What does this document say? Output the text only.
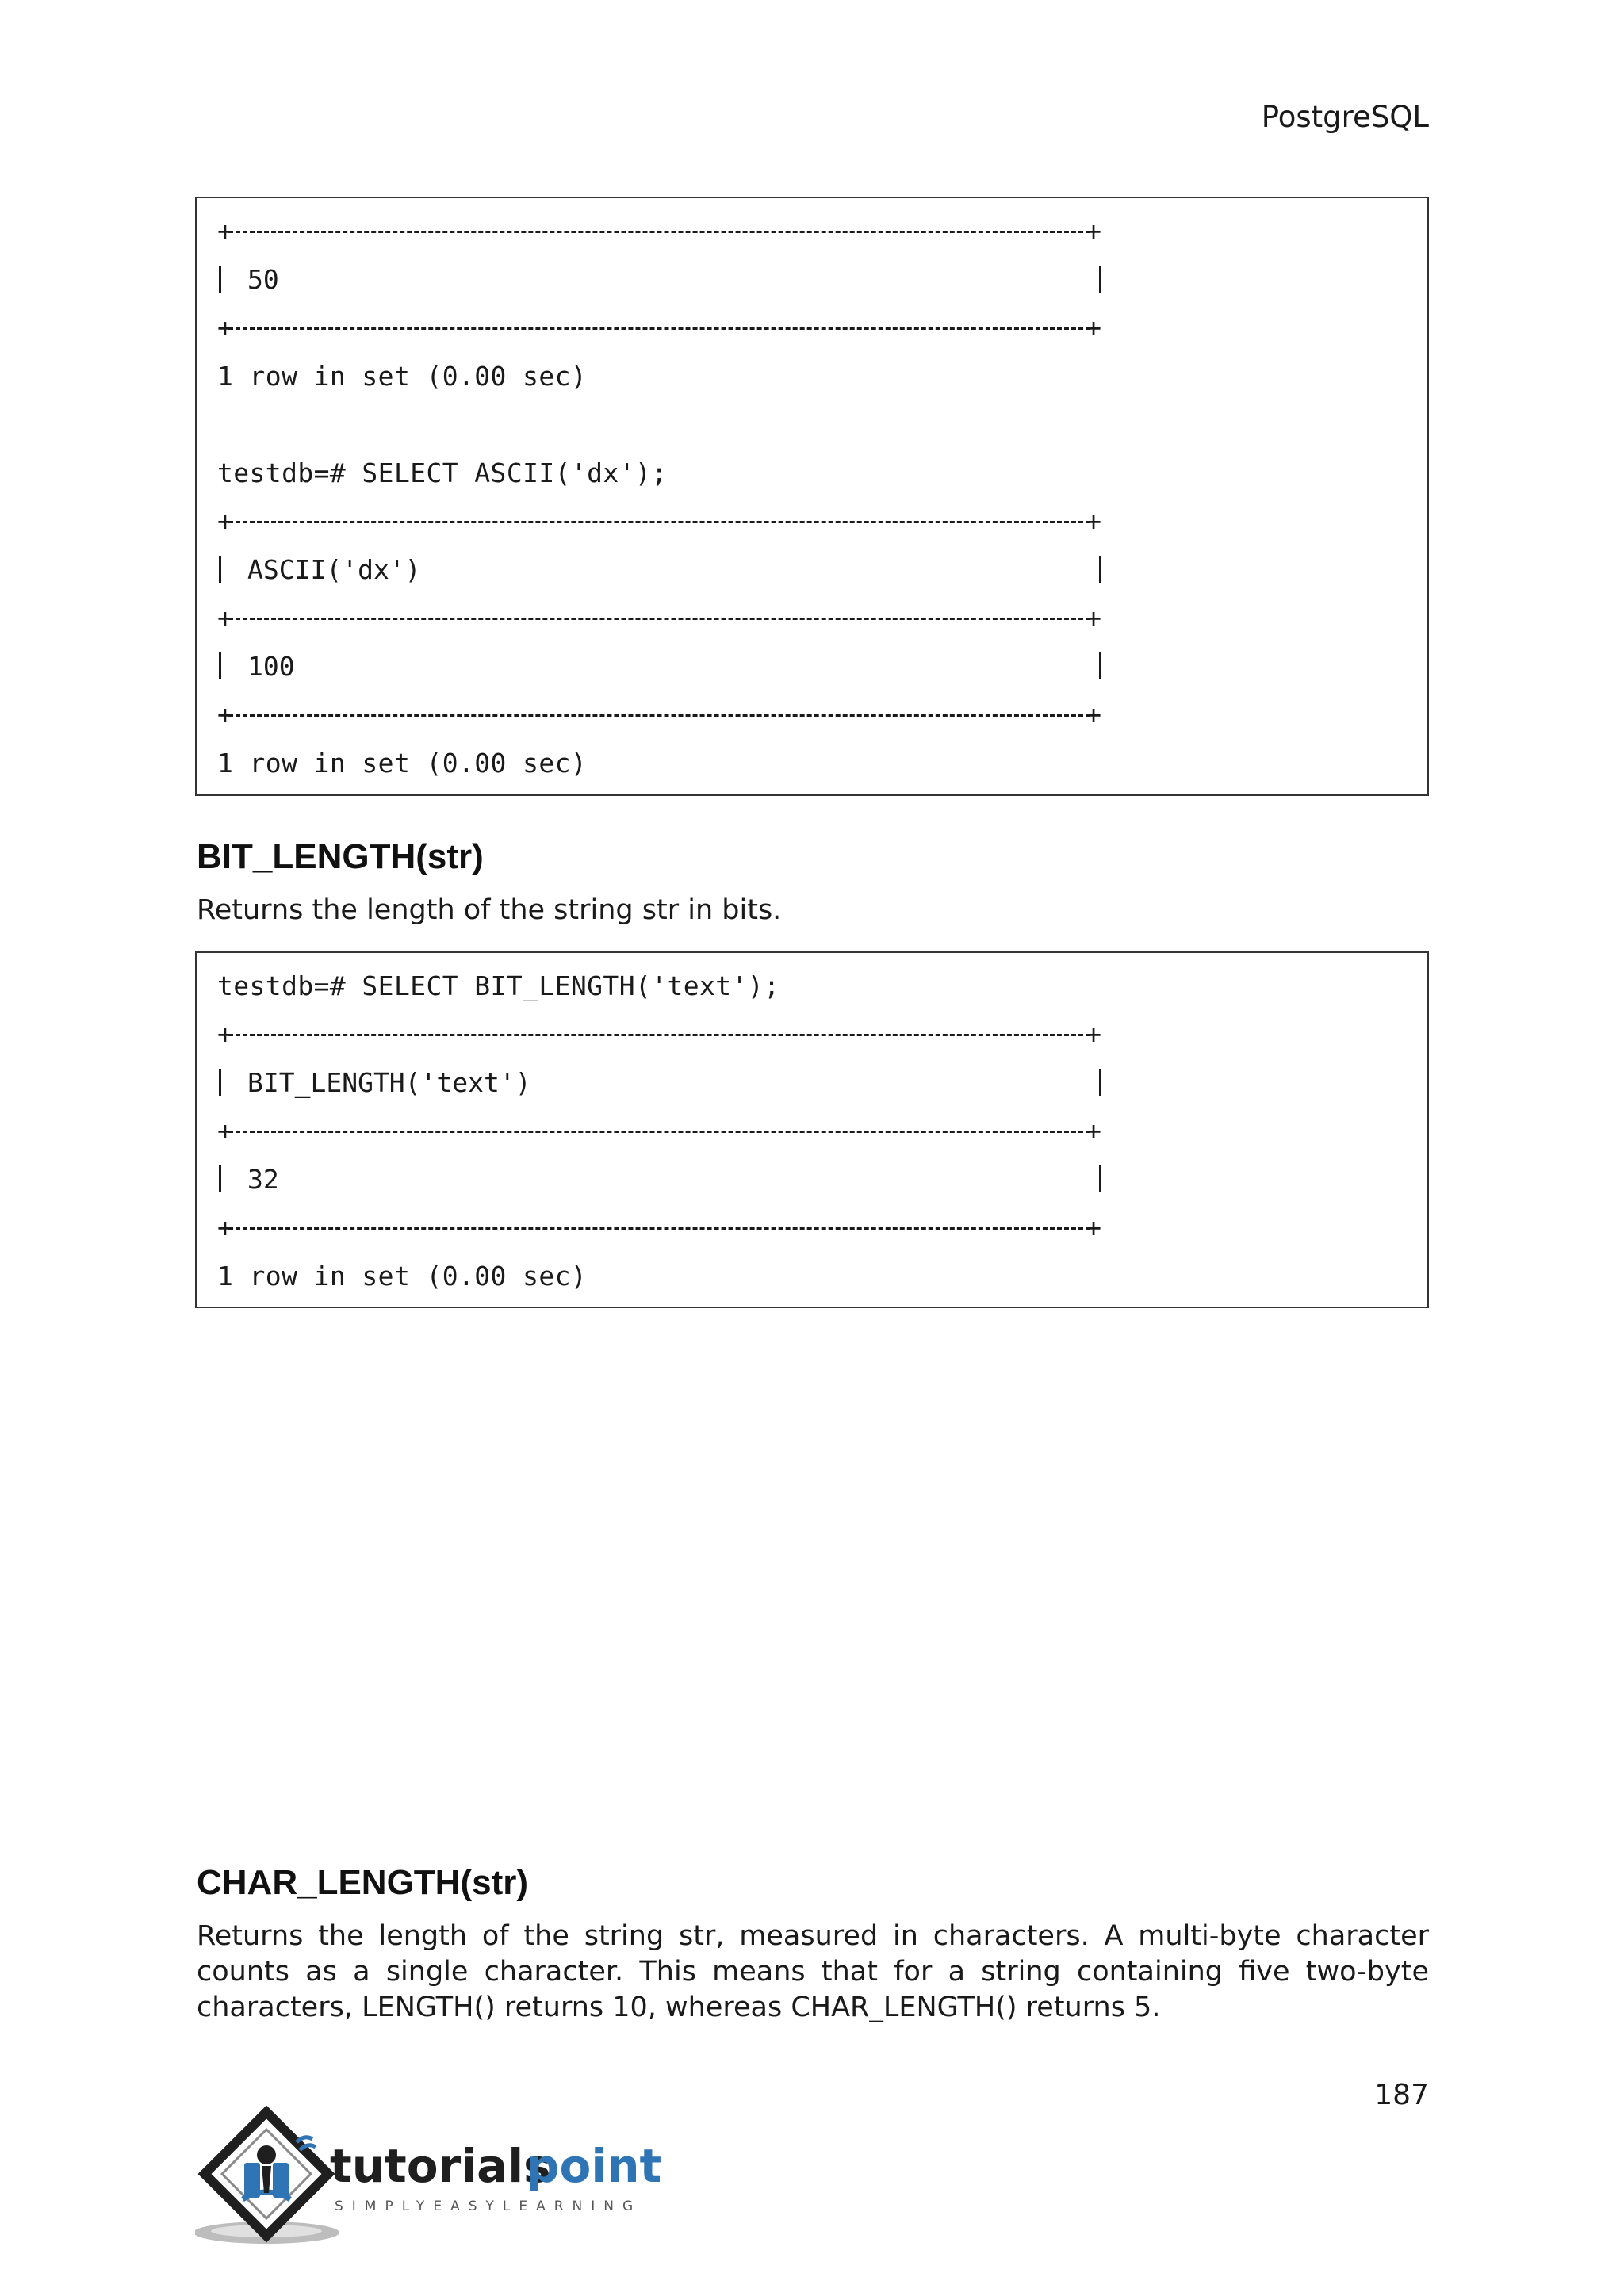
PostgreSQL
+	+
50
+	+
1 row in set (0.00 sec)
testdb=# SELECT ASCII('dx');
+	+
ASCII('dx')
+	+
100
+	+
1 row in set (0.00 sec)
BIT_LENGTH(str)

Returns the length of the string str in bits.

testdb=# SELECT BIT_LENGTH('text');
+	+
BIT_LENGTH('text')
+	+
32
+	+
1 row in set (0.00 sec)
CHAR_LENGTH(str)

Returns the length of the string str, measured in characters. A multi-byte character counts as a single character. This means that for a string containing five two-byte characters, LENGTH() returns 10, whereas CHAR_LENGTH() returns 5.

187
tutorials
point
SIMPLYEASYLEARNING
